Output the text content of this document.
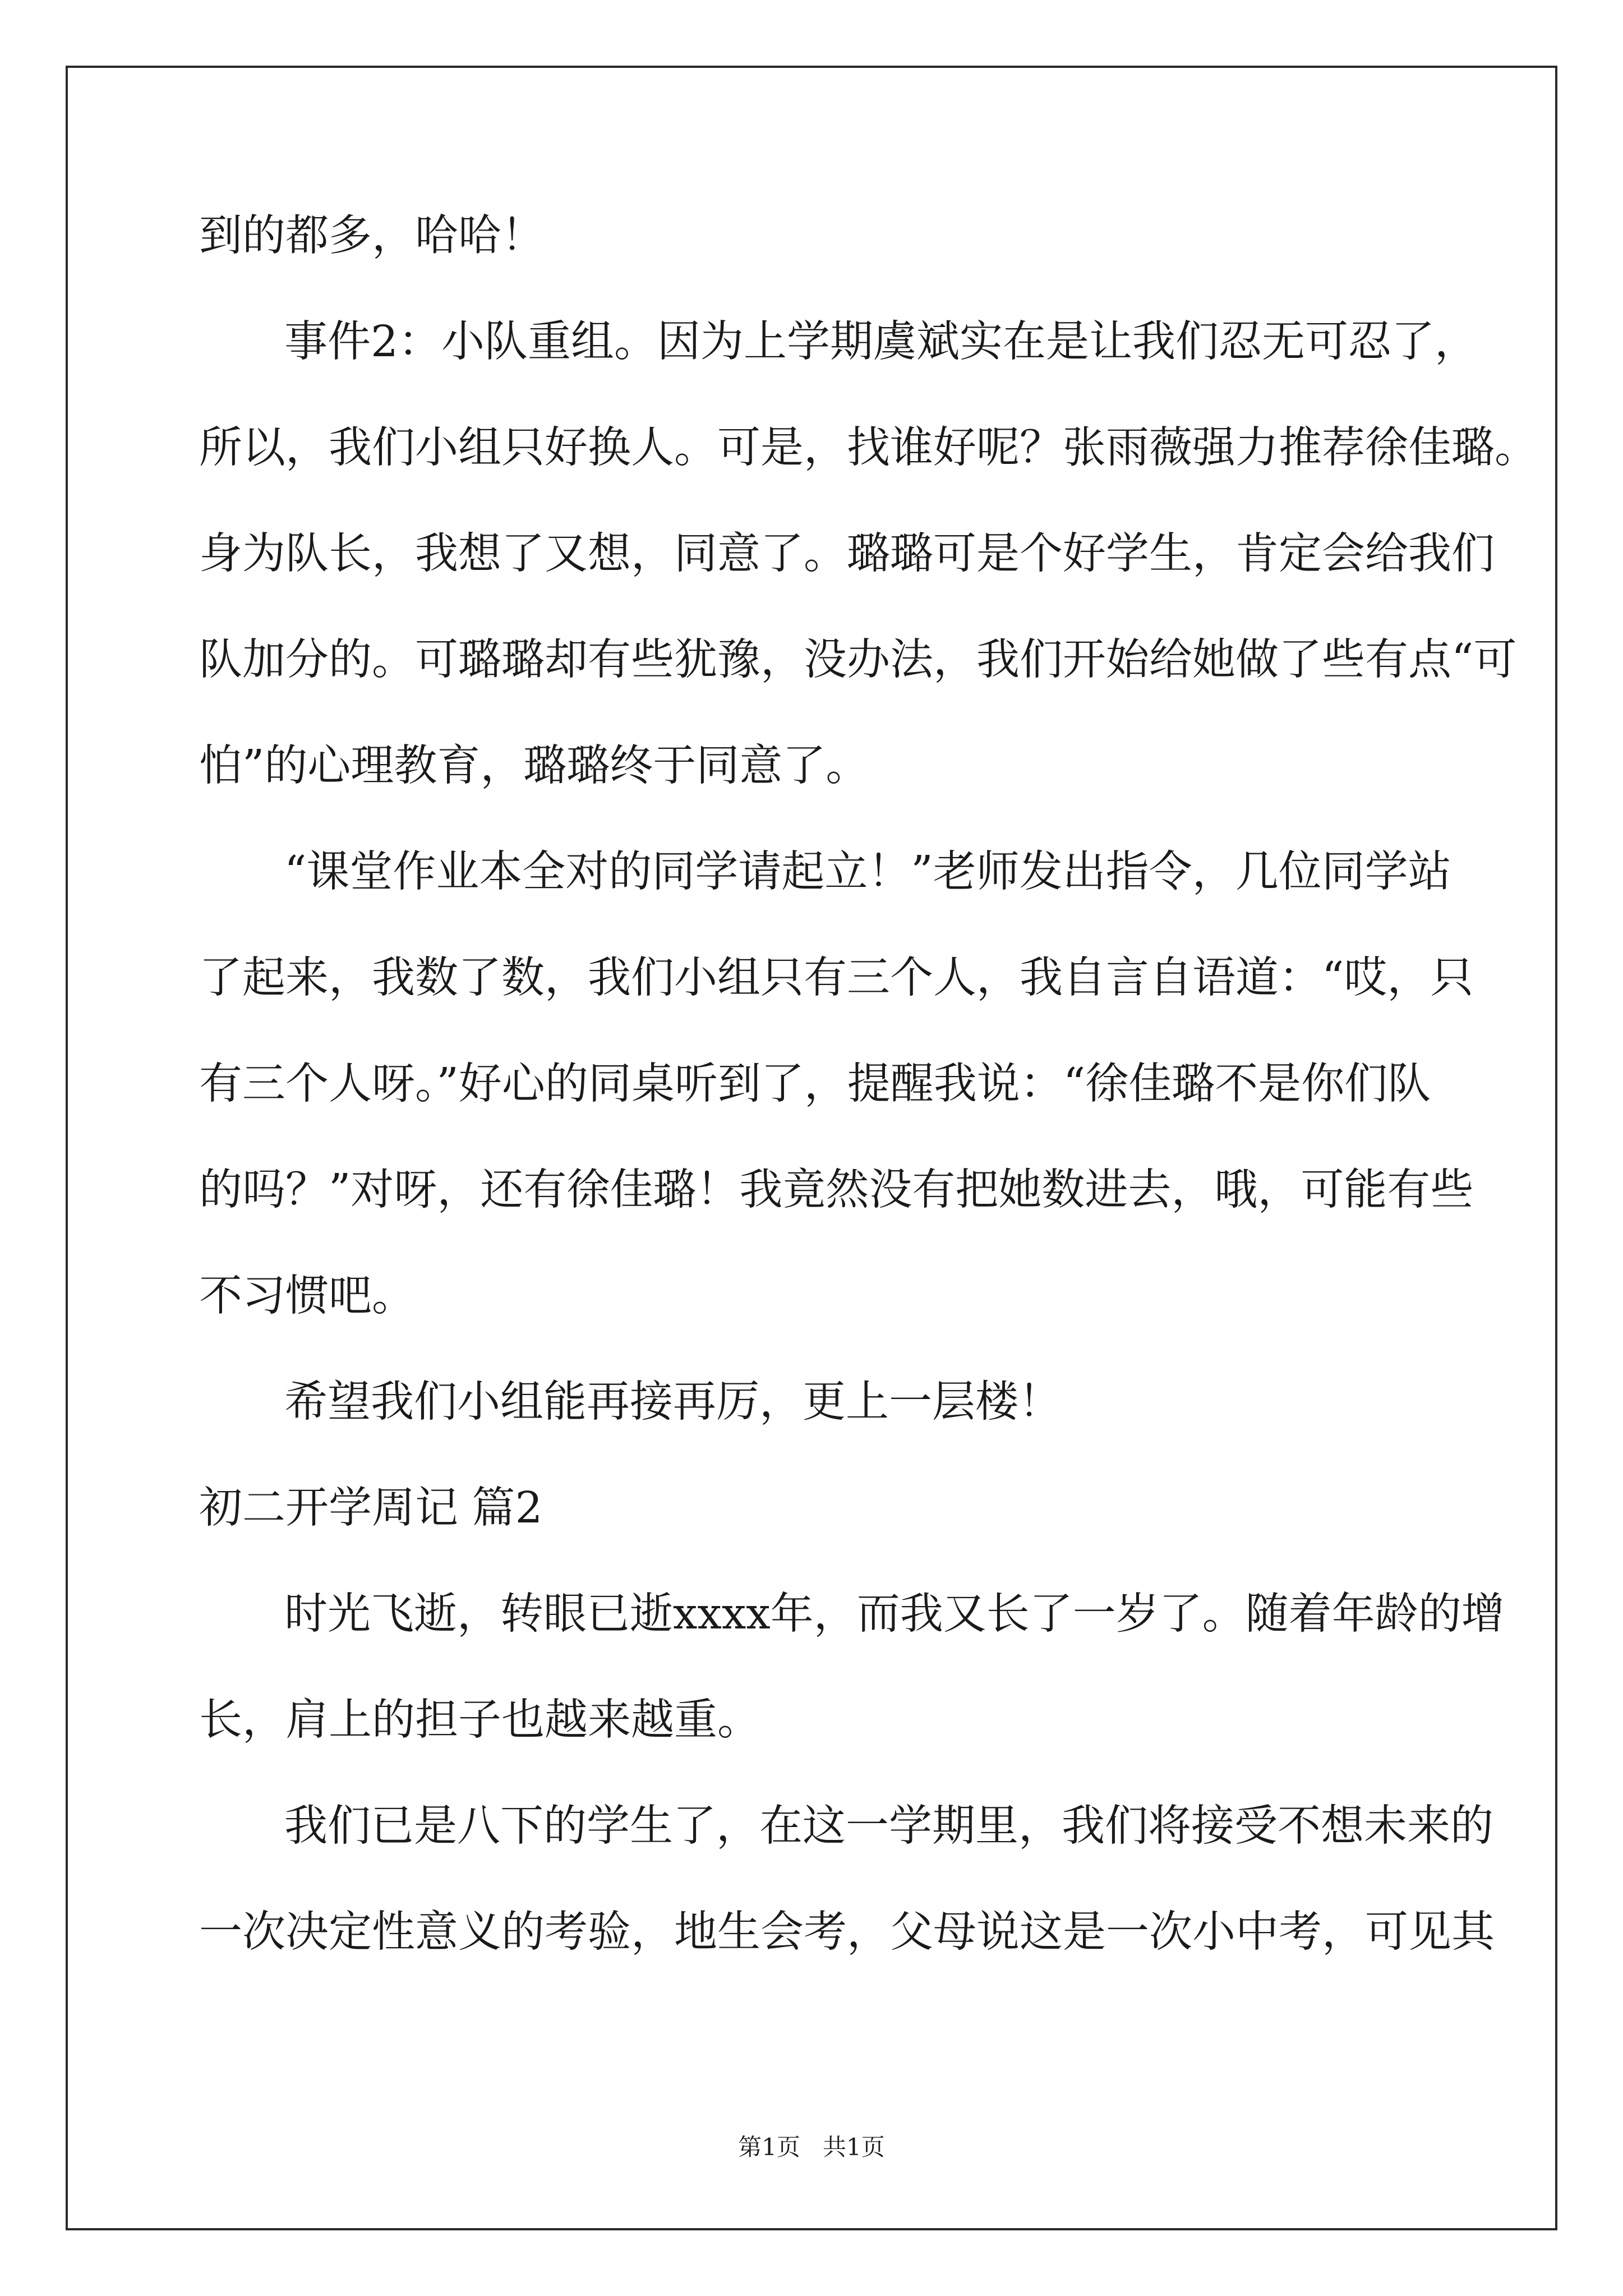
到的都多，哈哈！
事件2：小队重组。因为上学期虞斌实在是让我们忍无可忍了，
所以，我们小组只好换人。可是，找谁好呢？张雨薇强力推荐徐佳璐。
身为队长，我想了又想，同意了。璐璐可是个好学生，肯定会给我们
队加分的。可璐璐却有些犹豫，没办法，我们开始给她做了些有点“可
怕”的心理教育，璐璐终于同意了。
“课堂作业本全对的同学请起立！”老师发出指令，几位同学站
了起来，我数了数，我们小组只有三个人，我自言自语道：“哎，只
有三个人呀。”好心的同桌听到了，提醒我说：“徐佳璐不是你们队
的吗？”对呀，还有徐佳璐！我竟然没有把她数进去，哦，可能有些
不习惯吧。
希望我们小组能再接再厉，更上一层楼！
初二开学周记 篇2
时光飞逝，转眼已逝xxxx年，而我又长了一岁了。随着年龄的增
长，肩上的担子也越来越重。
我们已是八下的学生了，在这一学期里，我们将接受不想未来的
一次决定性意义的考验，地生会考，父母说这是一次小中考，可见其
第1页   共1页
